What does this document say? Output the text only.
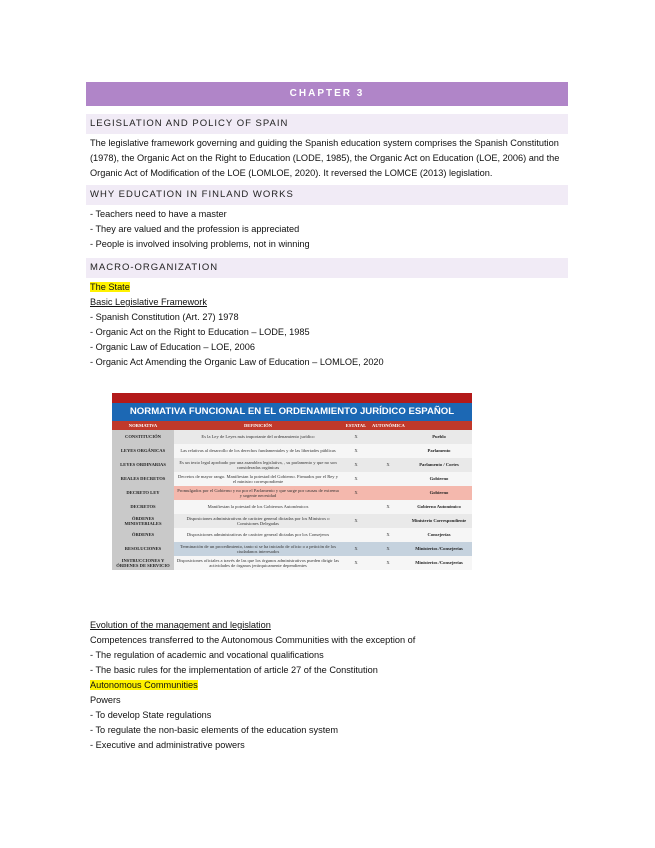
CHAPTER 3
LEGISLATION AND POLICY OF SPAIN
The legislative framework governing and guiding the Spanish education system comprises the Spanish Constitution (1978), the Organic Act on the Right to Education (LODE, 1985), the Organic Act on Education (LOE, 2006) and the Organic Act of Modification of the LOE (LOMLOE, 2020). It reversed the LOMCE (2013) legislation.
WHY EDUCATION IN FINLAND WORKS
- Teachers need to have a master
- They are valued and the profession is appreciated
- People is involved insolving problems, not in winning
MACRO-ORGANIZATION
The State
Basic Legislative Framework
- Spanish Constitution (Art. 27) 1978
- Organic Act on the Right to Education – LODE, 1985
- Organic Law of Education – LOE, 2006
- Organic Act Amending the Organic Law of Education – LOMLOE, 2020
NORMATIVA FUNCIONAL EN EL ORDENAMIENTO JURÍDICO ESPAÑOL
NORMATIVA	DEFINICIÓN	ESTATAL	AUTONÓMICA	
CONSTITUCIÓN	Es la Ley de Leyes más importante del ordenamiento jurídico	X		Pueblo
LEYES ORGÁNICAS	Las relativas al desarrollo de los derechos fundamentales y de las libertades públicas	X		Parlamento
LEYES ORDINARIAS	Es un texto legal aprobado por una asamblea legislativa, , su parlamento y que no son consideradas orgánicas	X	X	Parlamento / Cortes
REALES DECRETOS	Decretos de mayor rango. Manifiestan la potestad del Gobierno. Firmados por el Rey y el ministro correspondiente	X		Gobierno
DECRETO LEY	Promulgados por el Gobierno y no por el Parlamento y que surge por causas de extrema y urgente necesidad	X		Gobierno
DECRETOS	Manifiestan la potestad de los Gobiernos Autonómicos		X	Gobierno Autonómico
ÓRDENES MINISTERIALES	Disposiciones administrativas de carácter general dictadas por los Ministros o Comisiones Delegadas	X		Ministerio Correspondiente
ÓRDENES	Disposiciones administrativas de carácter general dictadas por los Consejeros		X	Consejerías
RESOLUCIONES	Terminación de un procedimiento, tanto si se ha iniciado de oficio o a petición de los ciudadanos interesados	X	X	Ministerios /Consejerías
INSTRUCCIONES Y ÓRDENES DE SERVICIO	Disposiciones oficiales a través de las que los órganos administrativos pueden dirigir las actividades de órganos jerárquicamente dependientes	X	X	Ministerios /Consejerías
Evolution of the management and legislation
Competences transferred to the Autonomous Communities with the exception of
- The regulation of academic and vocational qualifications
- The basic rules for the implementation of article 27 of the Constitution
Autonomous Communities
Powers
- To develop State regulations
- To regulate the non-basic elements of the education system
- Executive and administrative powers
